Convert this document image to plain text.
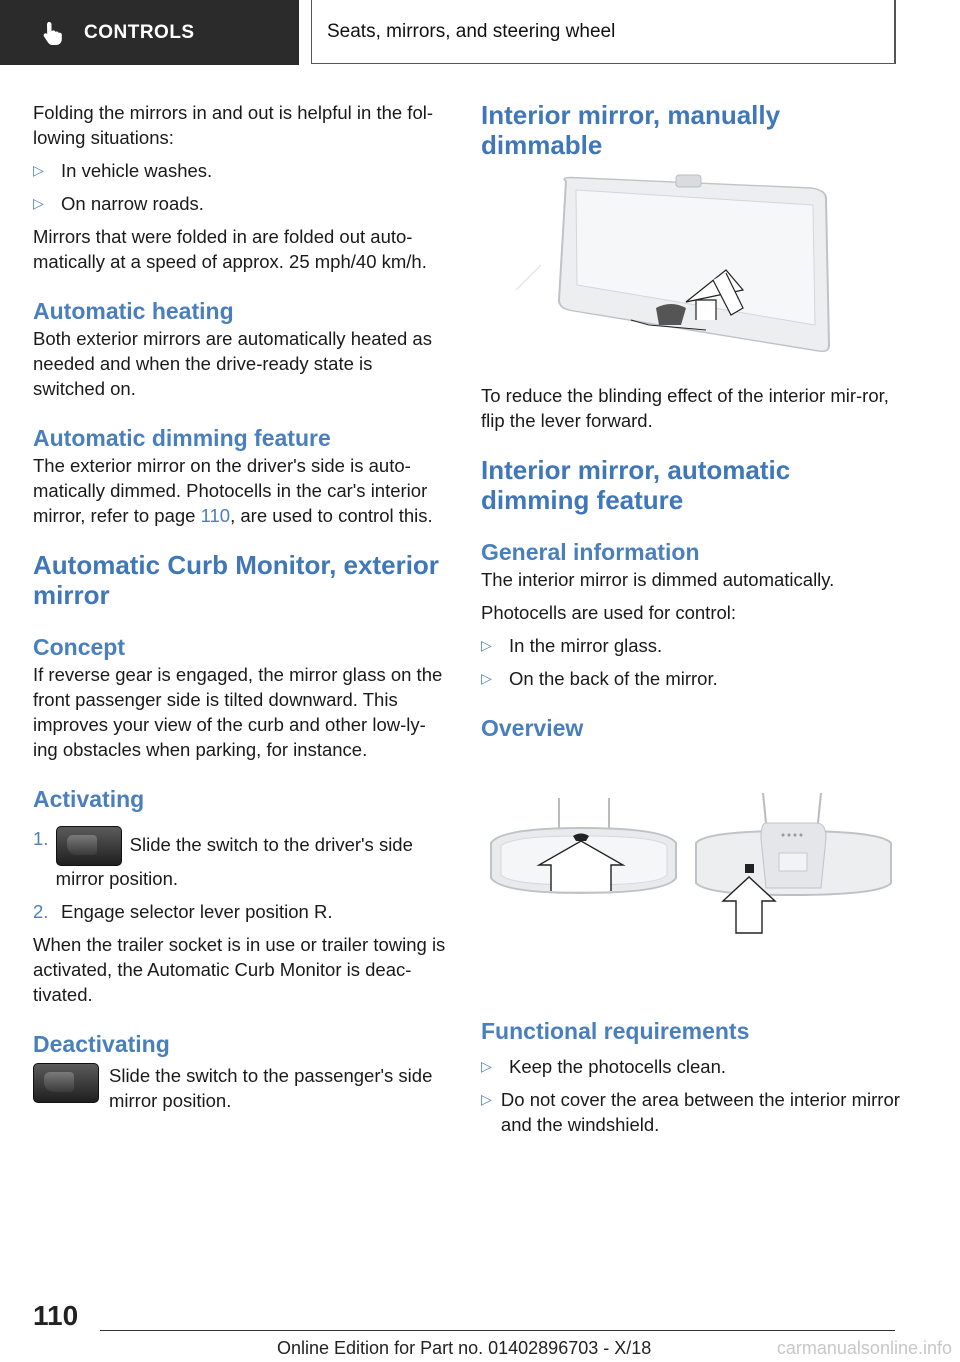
CONTROLS	Seats, mirrors, and steering wheel

Folding the mirrors in and out is helpful in the fol-lowing situations:

▷ In vehicle washes.
▷ On narrow roads.

Mirrors that were folded in are folded out auto-matically at a speed of approx. 25 mph/40 km/h.

Automatic heating

Both exterior mirrors are automatically heated as needed and when the drive-ready state is switched on.

Automatic dimming feature

The exterior mirror on the driver's side is auto-matically dimmed. Photocells in the car's interior mirror, refer to page 110, are used to control this.

Automatic Curb Monitor, exterior mirror
Concept

If reverse gear is engaged, the mirror glass on the front passenger side is tilted downward. This improves your view of the curb and other low-ly-ing obstacles when parking, for instance.

Activating
1.	Slide the switch to the driver's side mirror position.
2. Engage selector lever position R.

When the trailer socket is in use or trailer towing is activated, the Automatic Curb Monitor is deac-tivated.

Deactivating

Slide the switch to the passenger's side mirror position.

Interior mirror, manually dimmable

To reduce the blinding effect of the interior mir-ror, flip the lever forward.

Interior mirror, automatic dimming feature
General information

The interior mirror is dimmed automatically.

Photocells are used for control:

▷ In the mirror glass.
▷ On the back of the mirror.
Overview
Functional requirements
▷ Keep the photocells clean.
▷ Do not cover the area between the interior mirror and the windshield.
110
Online Edition for Part no. 01402896703 - X/18	carmanualsonline.info
